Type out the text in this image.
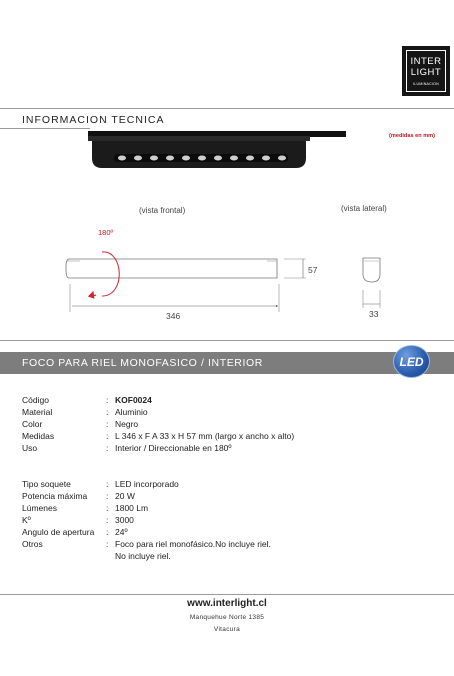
INTER
LIGHT
ILUMINACION
INFORMACION TECNICA
(medidas en mm)
(vista frontal)	(vista lateral)
180º
57
346	33
FOCO PARA RIEL MONOFASICO / INTERIOR	LED
Código	: KOF0024
Material	: Aluminio
Color	: Negro
Medidas	: L 346 x F A 33 x H 57 mm (largo x ancho x alto)
Uso	: Interior / Direccionable en 180º
Tipo soquete	: LED incorporado
Potencia máxima : 20 W
Lúmenes	: 1800 Lm
Kº	: 3000
Angulo de apertura : 24º
Otros	: Foco para riel monofásico.No incluye riel.
No incluye riel.
www.interlight.cl
Manquehue Norte 1385
Vitacura
